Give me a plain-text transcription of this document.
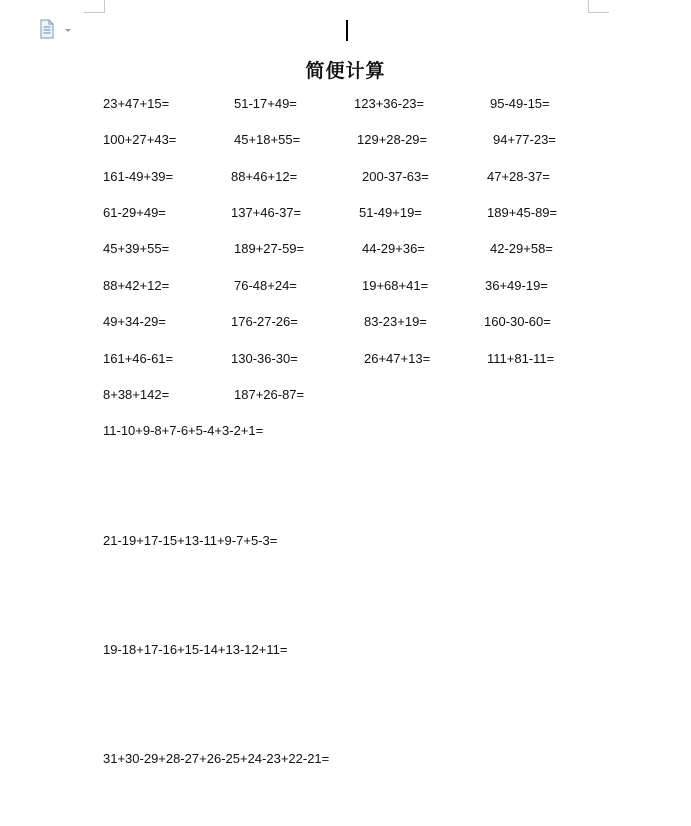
简便计算
23+47+15=	51-17+49=	123+36-23=	95-49-15=
100+27+43=	45+18+55=	129+28-29=	94+77-23=
161-49+39=	88+46+12=	200-37-63=	47+28-37=
61-29+49=	137+46-37=	51-49+19=	189+45-89=
45+39+55=	189+27-59=	44-29+36=	42-29+58=
88+42+12=	76-48+24=	19+68+41=	36+49-19=
49+34-29=	176-27-26=	83-23+19=	160-30-60=
161+46-61=	130-36-30=	26+47+13=	111+81-11=
8+38+142=	187+26-87=
11-10+9-8+7-6+5-4+3-2+1=
21-19+17-15+13-11+9-7+5-3=
19-18+17-16+15-14+13-12+11=
31+30-29+28-27+26-25+24-23+22-21=
